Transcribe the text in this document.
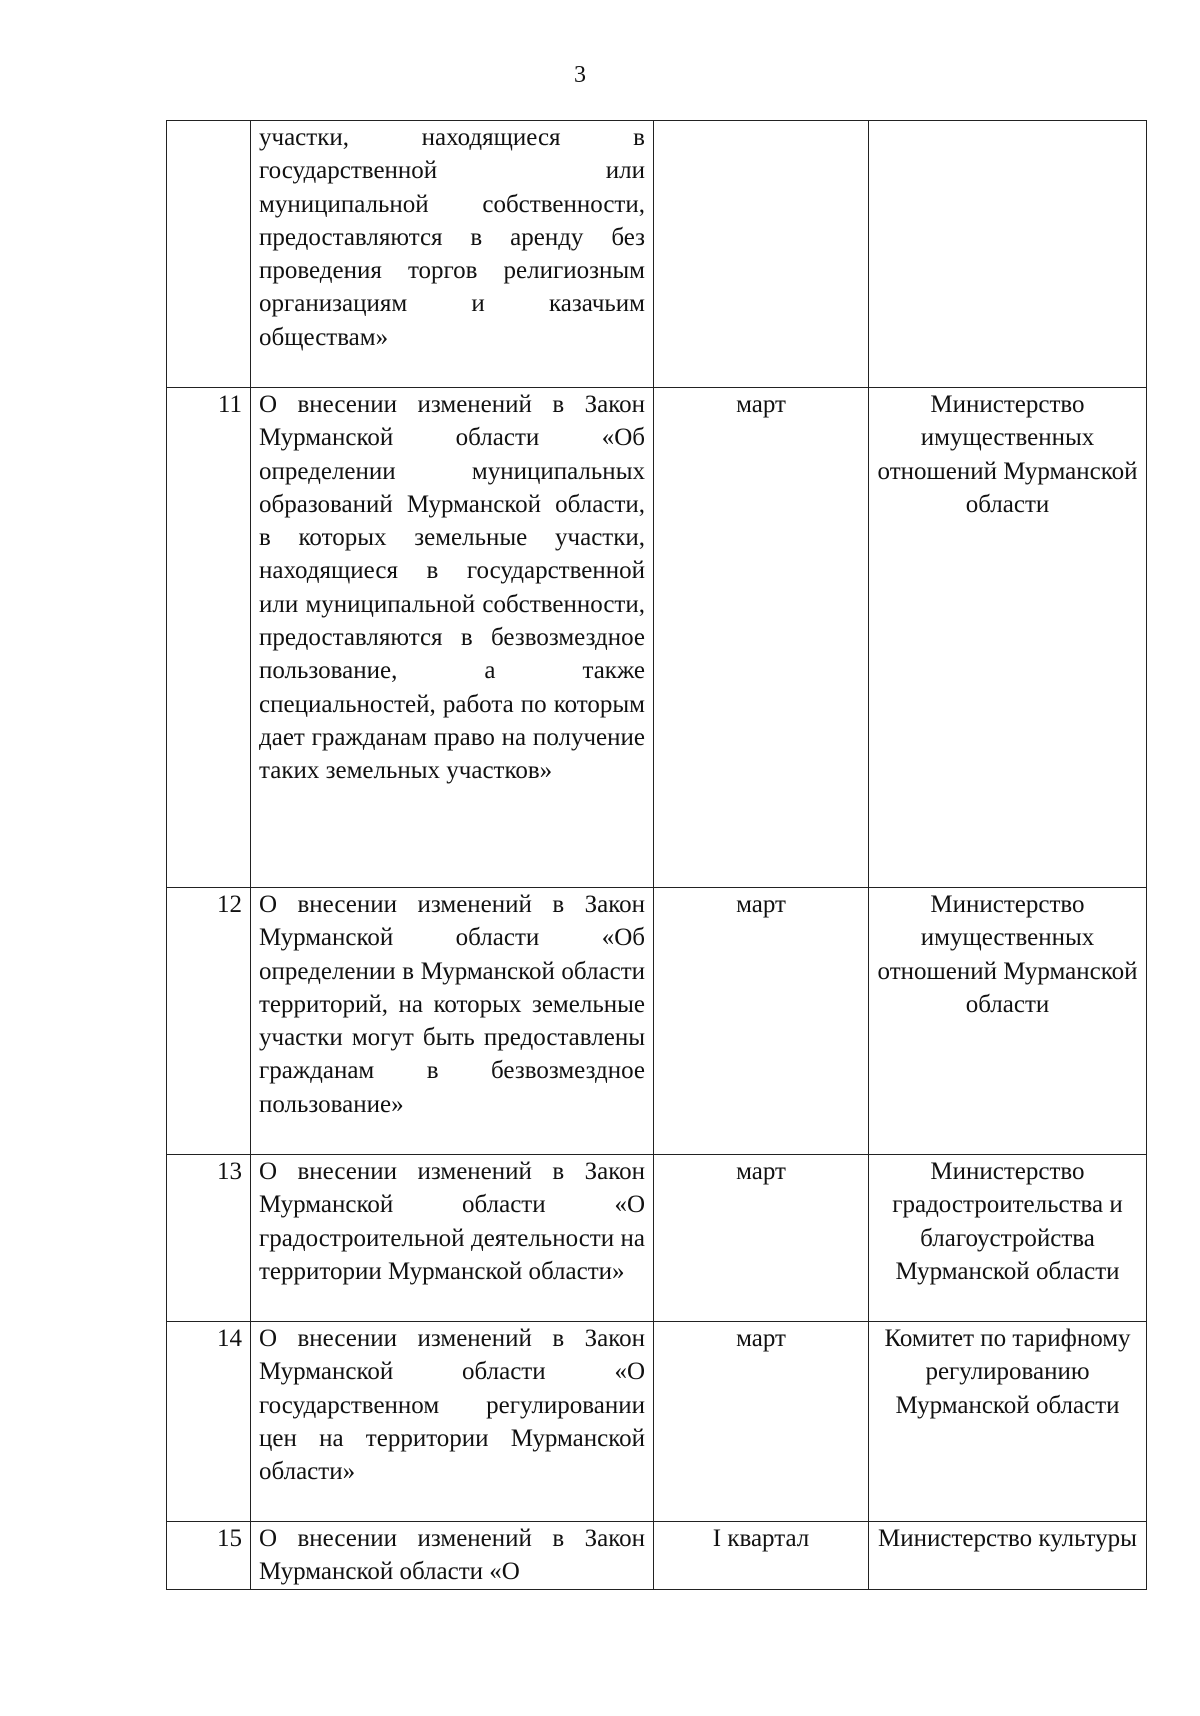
3
	участки, находящиеся в государственной или муниципальной собственности, предоставляются в аренду без проведения торгов религиозным организациям и казачьим обществам»		
11	О внесении изменений в Закон Мурманской области «Об определении муниципальных образований Мурманской области, в которых земельные участки, находящиеся в государственной или муниципальной собственности, предоставляются в безвозмездное пользование, а также специальностей, работа по которым дает гражданам право на получение таких земельных участков»	март	Министерство имущественных отношений Мурманской области
12	О внесении изменений в Закон Мурманской области «Об определении в Мурманской области территорий, на которых земельные участки могут быть предоставлены гражданам в безвозмездное пользование»	март	Министерство имущественных отношений Мурманской области
13	О внесении изменений в Закон Мурманской области «О градостроительной деятельности на территории Мурманской области»	март	Министерство градостроительства и благоустройства Мурманской области
14	О внесении изменений в Закон Мурманской области «О государственном регулировании цен на территории Мурманской области»	март	Комитет по тарифному регулированию Мурманской области
15	О внесении изменений в Закон Мурманской области «О	I квартал	Министерство культуры
